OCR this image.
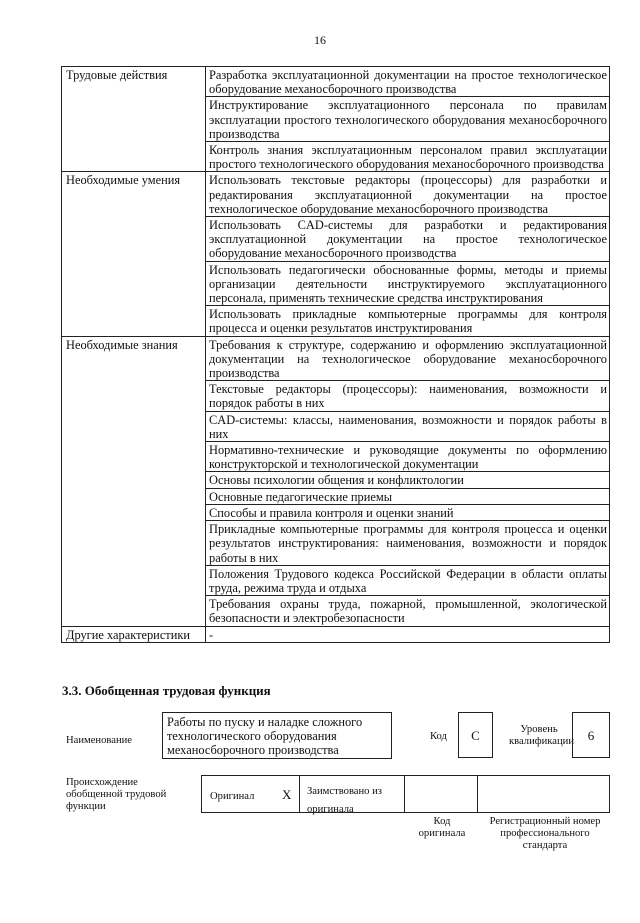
16
Трудовые действия	Разработка эксплуатационной документации на простое технологическое оборудование механосборочного производства
	Инструктирование эксплуатационного персонала по правилам эксплуатации простого технологического оборудования механосборочного производства
	Контроль знания эксплуатационным персоналом правил эксплуатации простого технологического оборудования механосборочного производства
Необходимые умения	Использовать текстовые редакторы (процессоры) для разработки и редактирования эксплуатационной документации на простое технологическое оборудование механосборочного производства
	Использовать CAD-системы для разработки и редактирования эксплуатационной документации на простое технологическое оборудование механосборочного производства
	Использовать педагогически обоснованные формы, методы и приемы организации деятельности инструктируемого эксплуатационного персонала, применять технические средства инструктирования
	Использовать прикладные компьютерные программы для контроля процесса и оценки результатов инструктирования
Необходимые знания	Требования к структуре, содержанию и оформлению эксплуатационной документации на технологическое оборудование механосборочного производства
	Текстовые редакторы (процессоры): наименования, возможности и порядок работы в них
	CAD-системы: классы, наименования, возможности и порядок работы в них
	Нормативно-технические и руководящие документы по оформлению конструкторской и технологической документации
	Основы психологии общения и конфликтологии
	Основные педагогические приемы
	Способы и правила контроля и оценки знаний
	Прикладные компьютерные программы для контроля процесса и оценки результатов инструктирования: наименования, возможности и порядок работы в них
	Положения Трудового кодекса Российской Федерации в области оплаты труда, режима труда и отдыха
	Требования охраны труда, пожарной, промышленной, экологической безопасности и электробезопасности
Другие характеристики	-
3.3. Обобщенная трудовая функция
Наименование
Работы по пуску и наладке сложного технологического оборудования механосборочного производства
Код	C	Уровень квалификации	6
Происхождение обобщенной трудовой функции
Оригинал X	Заимствовано из оригинала
Код оригинала
Регистрационный номер профессионального стандарта
